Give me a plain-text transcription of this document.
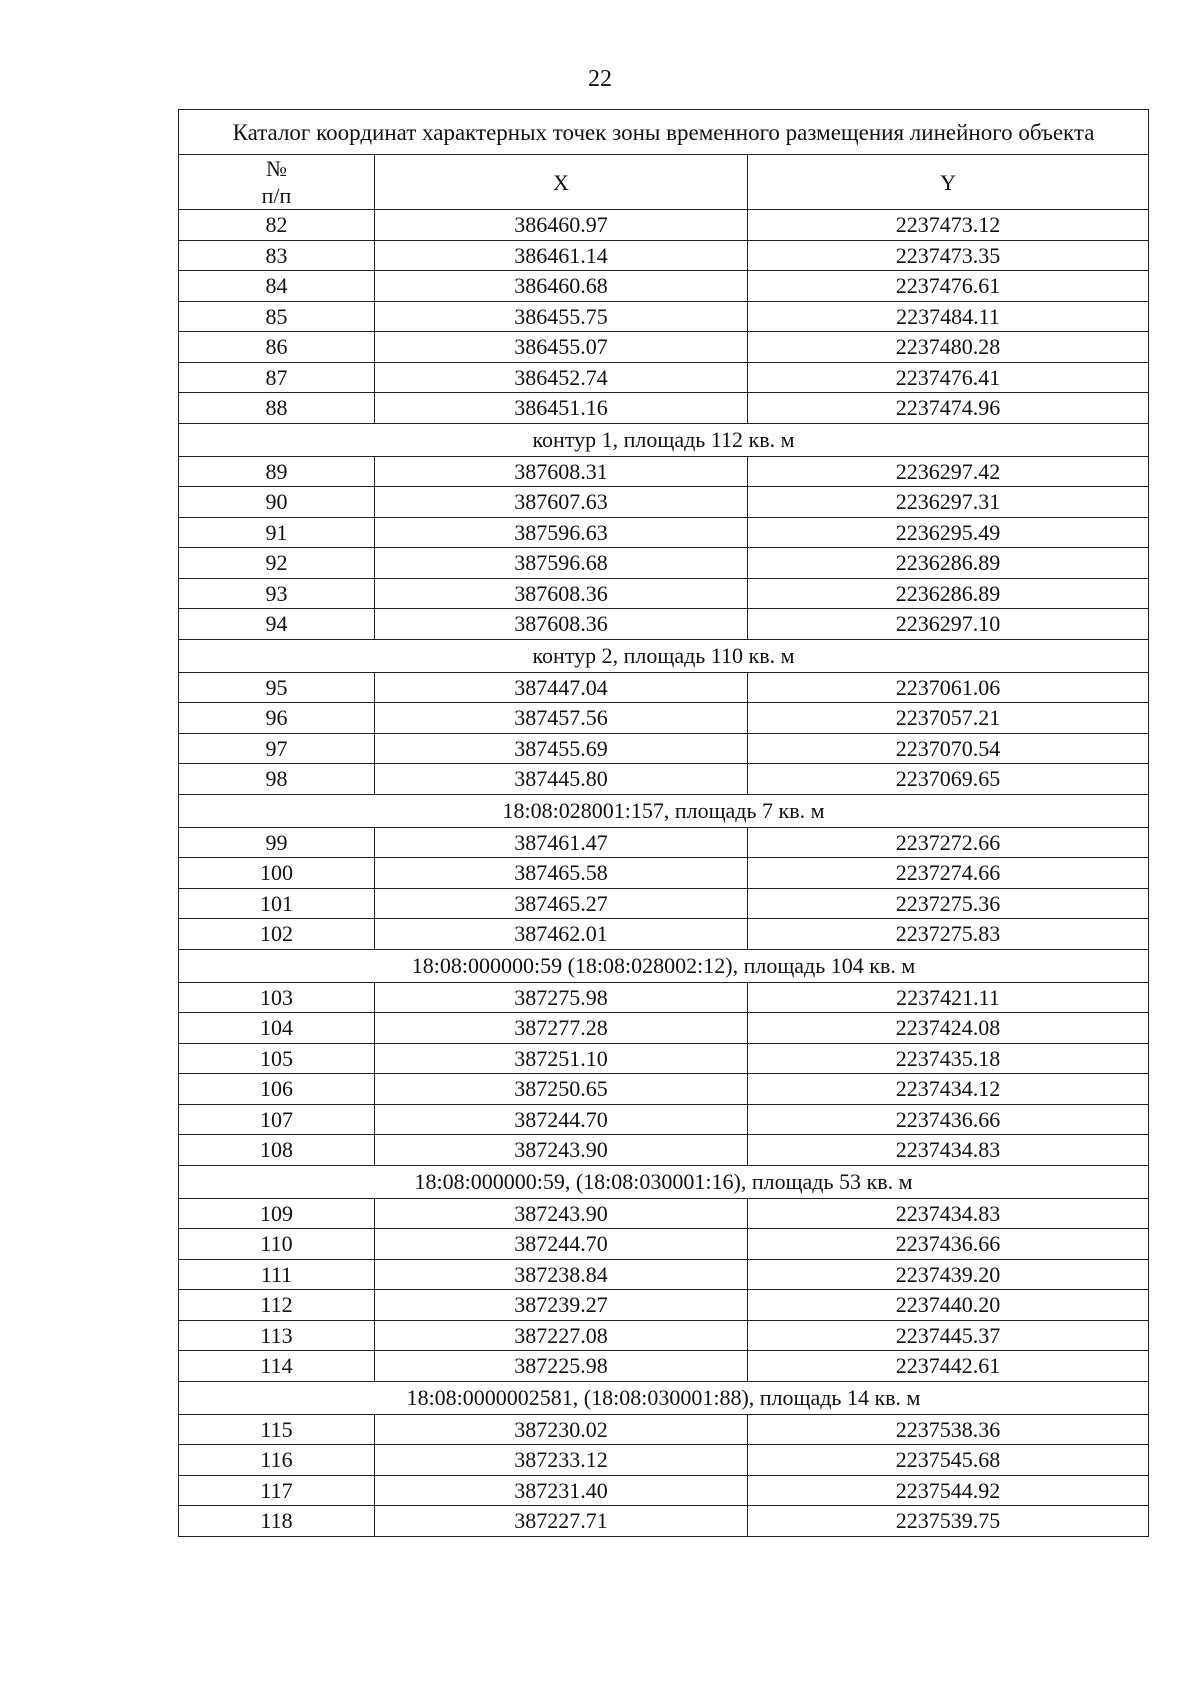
22
Каталог координат характерных точек зоны временного размещения линейного объекта		
№
п/п	X	Y
82	386460.97	2237473.12
83	386461.14	2237473.35
84	386460.68	2237476.61
85	386455.75	2237484.11
86	386455.07	2237480.28
87	386452.74	2237476.41
88	386451.16	2237474.96
контур 1, площадь 112 кв. м		
89	387608.31	2236297.42
90	387607.63	2236297.31
91	387596.63	2236295.49
92	387596.68	2236286.89
93	387608.36	2236286.89
94	387608.36	2236297.10
контур 2, площадь 110 кв. м		
95	387447.04	2237061.06
96	387457.56	2237057.21
97	387455.69	2237070.54
98	387445.80	2237069.65
18:08:028001:157, площадь 7 кв. м		
99	387461.47	2237272.66
100	387465.58	2237274.66
101	387465.27	2237275.36
102	387462.01	2237275.83
18:08:000000:59 (18:08:028002:12), площадь 104 кв. м		
103	387275.98	2237421.11
104	387277.28	2237424.08
105	387251.10	2237435.18
106	387250.65	2237434.12
107	387244.70	2237436.66
108	387243.90	2237434.83
18:08:000000:59, (18:08:030001:16), площадь 53 кв. м		
109	387243.90	2237434.83
110	387244.70	2237436.66
111	387238.84	2237439.20
112	387239.27	2237440.20
113	387227.08	2237445.37
114	387225.98	2237442.61
18:08:0000002581, (18:08:030001:88), площадь 14 кв. м		
115	387230.02	2237538.36
116	387233.12	2237545.68
117	387231.40	2237544.92
118	387227.71	2237539.75
